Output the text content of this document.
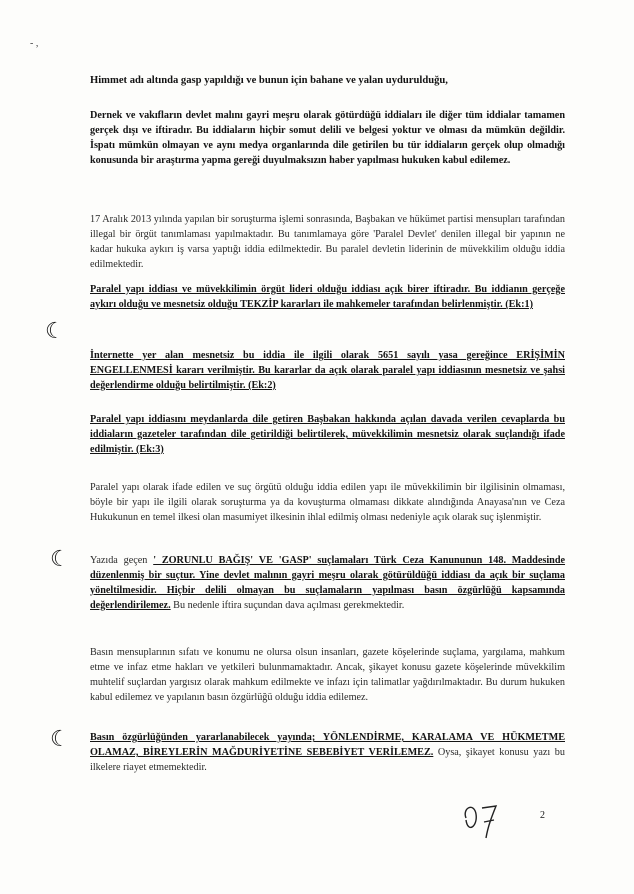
- ,
Himmet adı altında gasp yapıldığı ve bunun için bahane ve yalan uydurulduğu,

Dernek ve vakıfların devlet malını gayri meşru olarak götürdüğü iddiaları ile diğer tüm iddialar tamamen gerçek dışı ve iftiradır. Bu iddiaların hiçbir somut delili ve belgesi yoktur ve olması da mümkün değildir. İspatı mümkün olmayan ve aynı medya organlarında dile getirilen bu tür iddiaların gerçek olup olmadığı konusunda bir araştırma yapma gereği duyulmaksızın haber yapılması hukuken kabul edilemez.

17 Aralık 2013 yılında yapılan bir soruşturma işlemi sonrasında, Başbakan ve hükümet partisi mensupları tarafından illegal bir örgüt tanımlaması yapılmaktadır. Bu tanımlamaya göre 'Paralel Devlet' denilen illegal bir yapının ne kadar hukuka aykırı iş varsa yaptığı iddia edilmektedir. Bu paralel devletin liderinin de müvekkilim olduğu iddia edilmektedir.

Paralel yapı iddiası ve müvekkilimin örgüt lideri olduğu iddiası açık birer iftiradır. Bu iddianın gerçeğe aykırı olduğu ve mesnetsiz olduğu TEKZİP kararları ile mahkemeler tarafından belirlenmiştir. (Ek:1)

İnternette yer alan mesnetsiz bu iddia ile ilgili olarak 5651 sayılı yasa gereğince ERİŞİMİN ENGELLENMESİ kararı verilmiştir. Bu kararlar da açık olarak paralel yapı iddiasının mesnetsiz ve şahsi değerlendirme olduğu belirtilmiştir. (Ek:2)

Paralel yapı iddiasını meydanlarda dile getiren Başbakan hakkında açılan davada verilen cevaplarda bu iddiaların gazeteler tarafından dile getirildiği belirtilerek, müvekkilimin mesnetsiz olarak suçlandığı ifade edilmiştir. (Ek:3)

Paralel yapı olarak ifade edilen ve suç örgütü olduğu iddia edilen yapı ile müvekkilimin bir ilgilisinin olmaması, böyle bir yapı ile ilgili olarak soruşturma ya da kovuşturma olmaması dikkate alındığında Anayasa'nın ve Ceza Hukukunun en temel ilkesi olan masumiyet ilkesinin ihlal edilmiş olması nedeniyle açık olarak suç işlenmiştir.

Yazıda geçen ' ZORUNLU BAĞIŞ' VE 'GASP' suçlamaları Türk Ceza Kanununun 148. Maddesinde düzenlenmiş bir suçtur. Yine devlet malının gayri meşru olarak götürüldüğü iddiası da açık bir suçlama yöneltilmesidir. Hiçbir delili olmayan bu suçlamaların yapılması basın özgürlüğü kapsamında değerlendirilemez. Bu nedenle iftira suçundan dava açılması gerekmektedir.

Basın mensuplarının sıfatı ve konumu ne olursa olsun insanları, gazete köşelerinde suçlama, yargılama, mahkum etme ve infaz etme hakları ve yetkileri bulunmamaktadır. Ancak, şikayet konusu gazete köşelerinde müvekkilim muhtelif suçlardan yargısız olarak mahkum edilmekte ve infazı için talimatlar yağdırılmaktadır. Bu durum hukuken kabul edilemez ve yapılanın basın özgürlüğü olduğu iddia edilemez.

Basın özgürlüğünden yararlanabilecek yayında; YÖNLENDİRME, KARALAMA VE HÜKMETME OLAMAZ, BİREYLERİN MAĞDURİYETİNE SEBEBİYET VERİLEMEZ. Oysa, şikayet konusu yazı bu ilkelere riayet etmemektedir.

☾
☾
☾
2
